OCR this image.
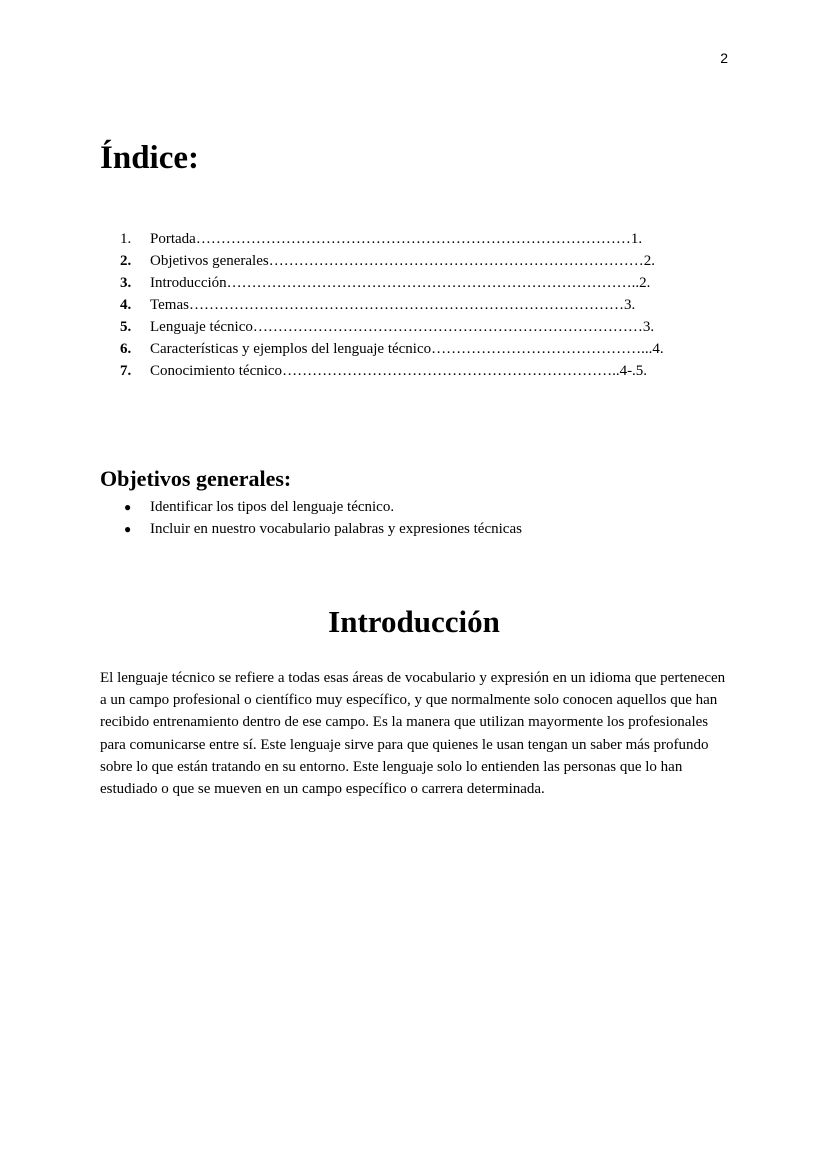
2
Índice:
1. Portada……………………………………………………………………………1.
2. Objetivos generales…………………………………………………………………2.
3. Introducción………………………………………………………………………..2.
4. Temas……………………………………………………………………………3.
5. Lenguaje técnico……………………………………………………………………3.
6. Características y ejemplos del lenguaje técnico……………………………………...4.
7. Conocimiento técnico…………………………………………………………..4-.5.
Objetivos generales:
● Identificar los tipos del lenguaje técnico.
● Incluir en nuestro vocabulario palabras y expresiones técnicas
Introducción

El lenguaje técnico se refiere a todas esas áreas de vocabulario y expresión en un idioma que pertenecen a un campo profesional o científico muy específico, y que normalmente solo conocen aquellos que han recibido entrenamiento dentro de ese campo. Es la manera que utilizan mayormente los profesionales para comunicarse entre sí. Este lenguaje sirve para que quienes le usan tengan un saber más profundo sobre lo que están tratando en su entorno. Este lenguaje solo lo entienden las personas que lo han estudiado o que se mueven en un campo específico o carrera determinada.
